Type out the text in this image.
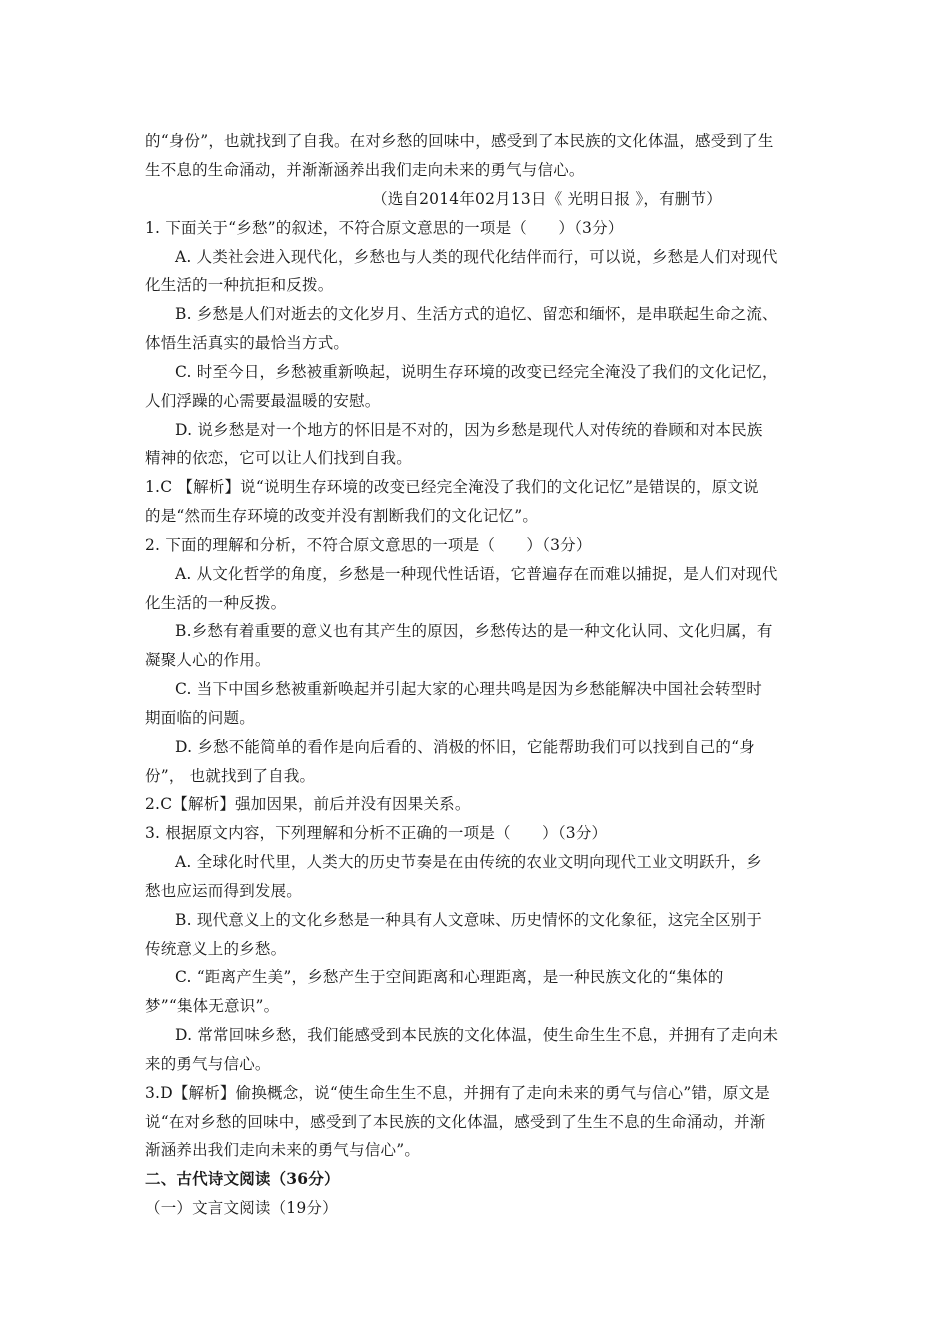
的“身份”，也就找到了自我。在对乡愁的回味中，感受到了本民族的文化体温，感受到了生
生不息的生命涌动，并渐渐涵养出我们走向未来的勇气与信心。
（选自2014年02月13日《 光明日报 》，有删节）
1. 下面关于“乡愁”的叙述，不符合原文意思的一项是（　　）（3分）
A. 人类社会进入现代化，乡愁也与人类的现代化结伴而行，可以说，乡愁是人们对现代
化生活的一种抗拒和反拨。
B. 乡愁是人们对逝去的文化岁月、生活方式的追忆、留恋和缅怀，是串联起生命之流、
体悟生活真实的最恰当方式。
C. 时至今日，乡愁被重新唤起，说明生存环境的改变已经完全淹没了我们的文化记忆，
人们浮躁的心需要最温暖的安慰。
D. 说乡愁是对一个地方的怀旧是不对的，因为乡愁是现代人对传统的眷顾和对本民族
精神的依恋，它可以让人们找到自我。
1.C 【解析】说“说明生存环境的改变已经完全淹没了我们的文化记忆”是错误的，原文说
的是“然而生存环境的改变并没有割断我们的文化记忆”。
2. 下面的理解和分析，不符合原文意思的一项是（　　）（3分）
A. 从文化哲学的角度，乡愁是一种现代性话语，它普遍存在而难以捕捉，是人们对现代
化生活的一种反拨。
B.乡愁有着重要的意义也有其产生的原因，乡愁传达的是一种文化认同、文化归属，有
凝聚人心的作用。
C. 当下中国乡愁被重新唤起并引起大家的心理共鸣是因为乡愁能解决中国社会转型时
期面临的问题。
D. 乡愁不能简单的看作是向后看的、消极的怀旧，它能帮助我们可以找到自己的“身
份”， 也就找到了自我。
2.C【解析】强加因果，前后并没有因果关系。
3. 根据原文内容，下列理解和分析不正确的一项是（　　）（3分）
A. 全球化时代里，人类大的历史节奏是在由传统的农业文明向现代工业文明跃升，乡
愁也应运而得到发展。
B. 现代意义上的文化乡愁是一种具有人文意味、历史情怀的文化象征，这完全区别于
传统意义上的乡愁。
C. “距离产生美”，乡愁产生于空间距离和心理距离，是一种民族文化的“集体的
梦”“集体无意识”。
D. 常常回味乡愁，我们能感受到本民族的文化体温，使生命生生不息，并拥有了走向未
来的勇气与信心。
3.D【解析】偷换概念，说“使生命生生不息，并拥有了走向未来的勇气与信心”错，原文是
说“在对乡愁的回味中，感受到了本民族的文化体温，感受到了生生不息的生命涌动，并渐
渐涵养出我们走向未来的勇气与信心”。
二、古代诗文阅读（36分）
（一）文言文阅读（19分）
